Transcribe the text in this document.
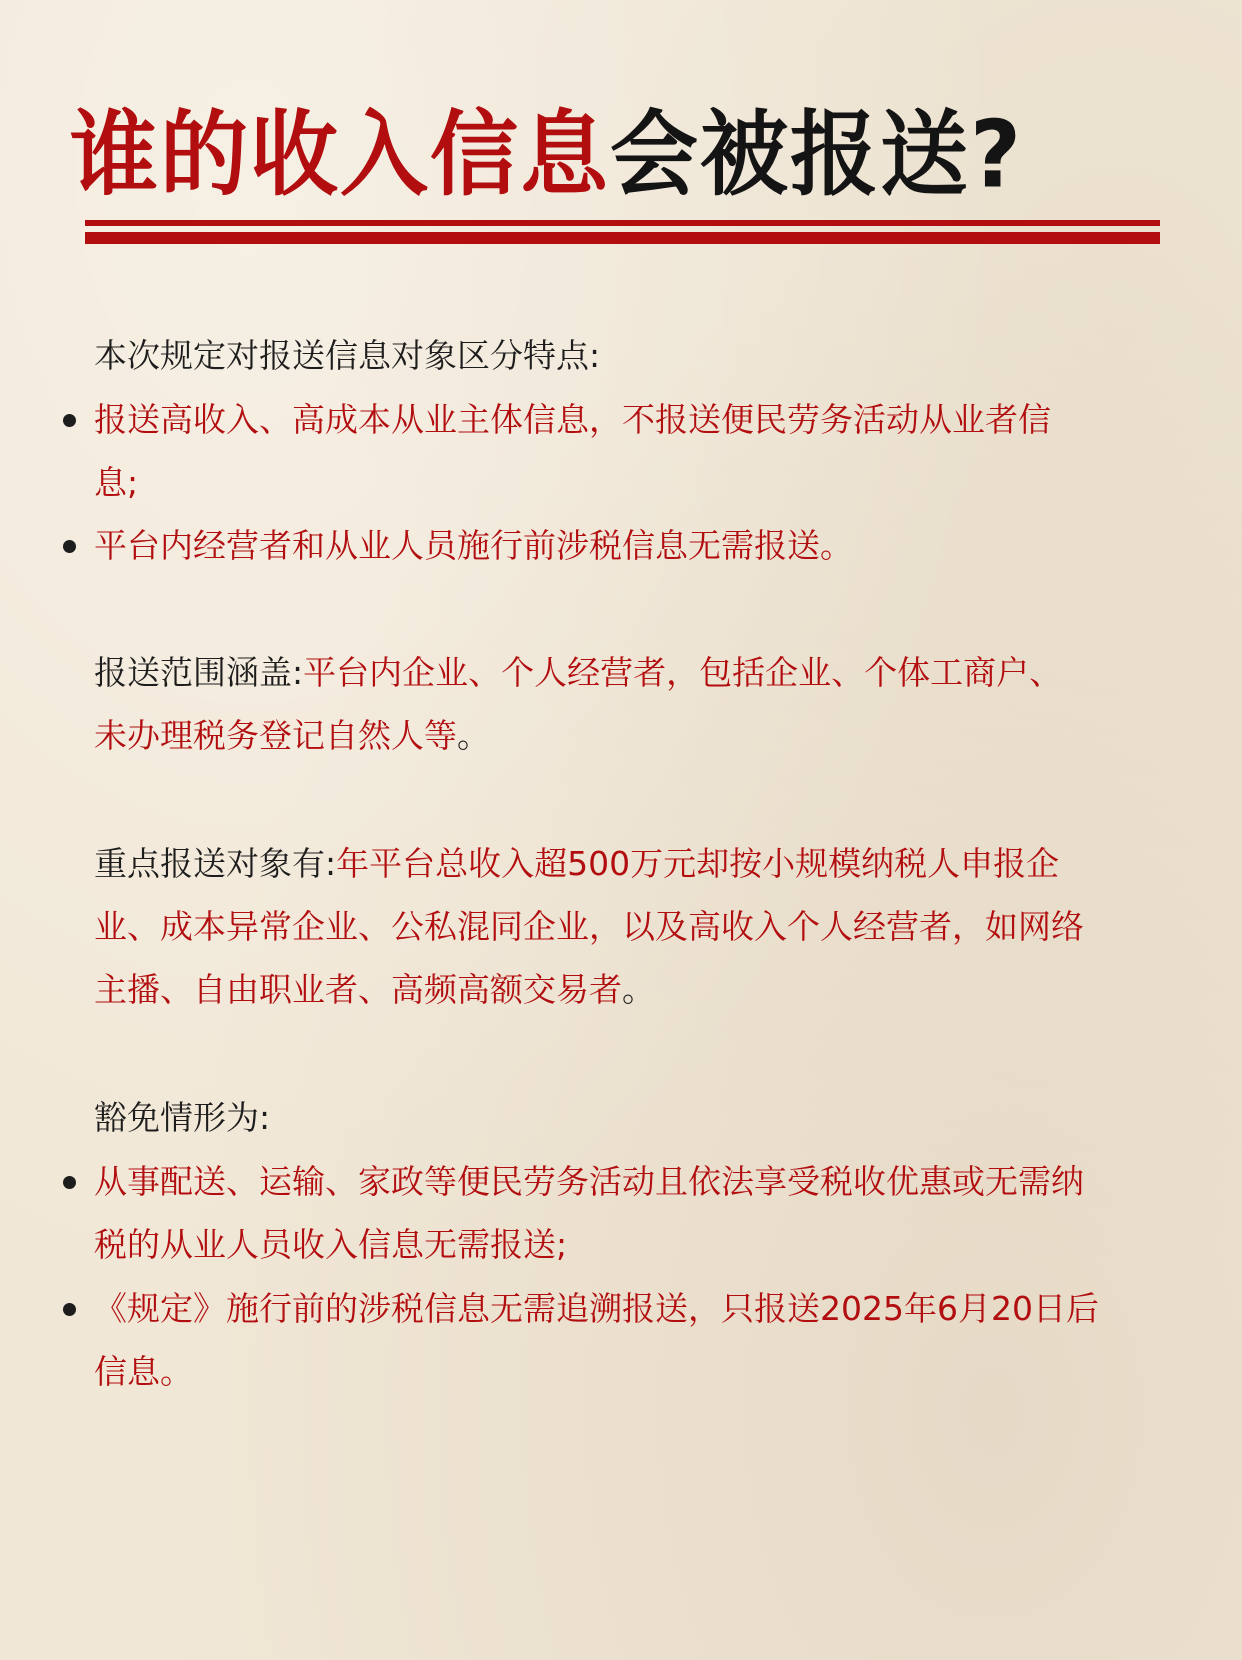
谁的收入信息会被报送?
本次规定对报送信息对象区分特点:
报送高收入、高成本从业主体信息，不报送便民劳务活动从业者信
息;
平台内经营者和从业人员施行前涉税信息无需报送。
报送范围涵盖:平台内企业、个人经营者，包括企业、个体工商户、
未办理税务登记自然人等。
重点报送对象有:年平台总收入超500万元却按小规模纳税人申报企
业、成本异常企业、公私混同企业，以及高收入个人经营者，如网络
主播、自由职业者、高频高额交易者。
豁免情形为:
从事配送、运输、家政等便民劳务活动且依法享受税收优惠或无需纳
税的从业人员收入信息无需报送;
《规定》施行前的涉税信息无需追溯报送，只报送2025年6月20日后
信息。
